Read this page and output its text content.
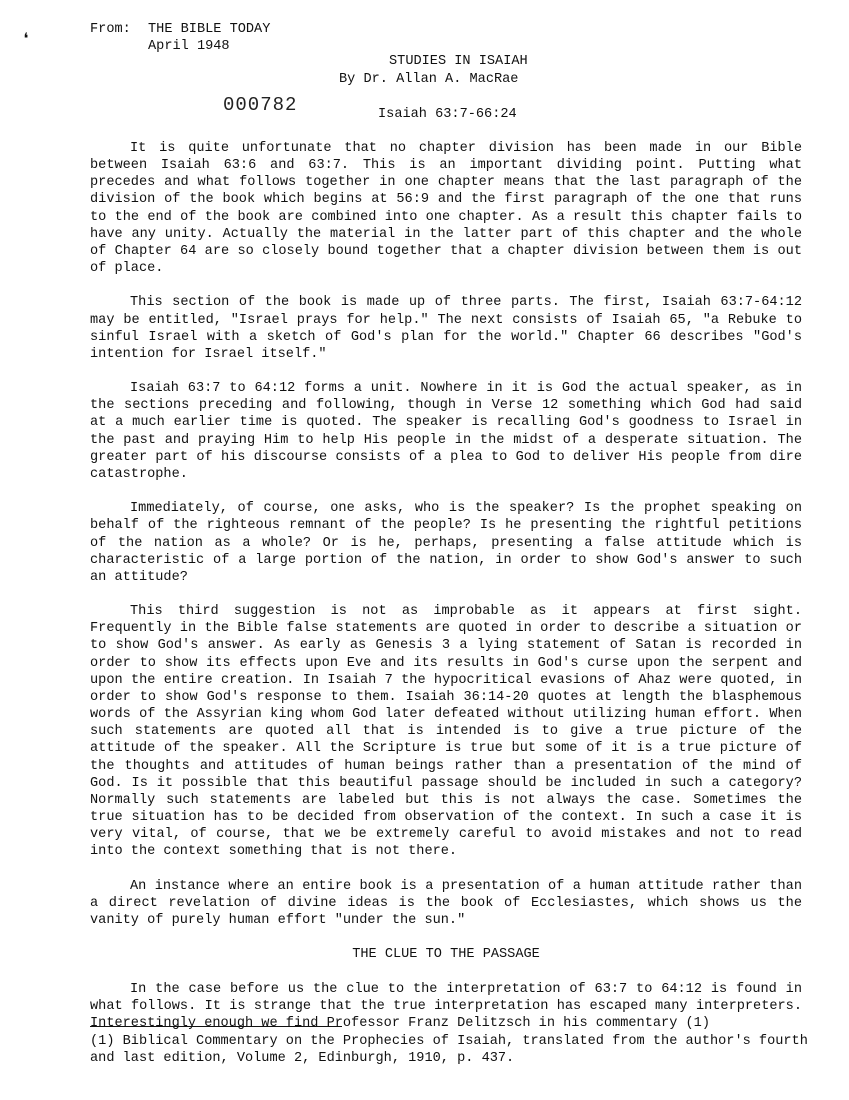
❛
From: THE BIBLE TODAY
April 1948
STUDIES IN ISAIAH
By Dr. Allan A. MacRae
000782	Isaiah 63:7-66:24

It is quite unfortunate that no chapter division has been made in our Bible between Isaiah 63:6 and 63:7. This is an important dividing point. Putting what precedes and what follows together in one chapter means that the last paragraph of the division of the book which begins at 56:9 and the first paragraph of the one that runs to the end of the book are combined into one chapter. As a result this chapter fails to have any unity. Actually the material in the latter part of this chapter and the whole of Chapter 64 are so closely bound together that a chapter division between them is out of place.

This section of the book is made up of three parts. The first, Isaiah 63:7-64:12 may be entitled, "Israel prays for help." The next consists of Isaiah 65, "a Rebuke to sinful Israel with a sketch of God's plan for the world." Chapter 66 describes "God's intention for Israel itself."

Isaiah 63:7 to 64:12 forms a unit. Nowhere in it is God the actual speaker, as in the sections preceding and following, though in Verse 12 something which God had said at a much earlier time is quoted. The speaker is recalling God's goodness to Israel in the past and praying Him to help His people in the midst of a desperate situation. The greater part of his discourse consists of a plea to God to deliver His people from dire catastrophe.

Immediately, of course, one asks, who is the speaker? Is the prophet speaking on behalf of the righteous remnant of the people? Is he presenting the rightful petitions of the nation as a whole? Or is he, perhaps, presenting a false attitude which is characteristic of a large portion of the nation, in order to show God's answer to such an attitude?

This third suggestion is not as improbable as it appears at first sight. Frequently in the Bible false statements are quoted in order to describe a situation or to show God's answer. As early as Genesis 3 a lying statement of Satan is recorded in order to show its effects upon Eve and its results in God's curse upon the serpent and upon the entire creation. In Isaiah 7 the hypocritical evasions of Ahaz were quoted, in order to show God's response to them. Isaiah 36:14-20 quotes at length the blasphemous words of the Assyrian king whom God later defeated without utilizing human effort. When such statements are quoted all that is intended is to give a true picture of the attitude of the speaker. All the Scripture is true but some of it is a true picture of the thoughts and attitudes of human beings rather than a presentation of the mind of God. Is it possible that this beautiful passage should be included in such a category? Normally such statements are labeled but this is not always the case. Sometimes the true situation has to be decided from observation of the context. In such a case it is very vital, of course, that we be extremely careful to avoid mistakes and not to read into the context something that is not there.

An instance where an entire book is a presentation of a human attitude rather than a direct revelation of divine ideas is the book of Ecclesiastes, which shows us the vanity of purely human effort "under the sun."

THE CLUE TO THE PASSAGE

In the case before us the clue to the interpretation of 63:7 to 64:12 is found in what follows. It is strange that the true interpretation has escaped many interpreters. Interestingly enough we find Professor Franz Delitzsch in his commentary (1)

(1) Biblical Commentary on the Prophecies of Isaiah, translated from the author's fourth and last edition, Volume 2, Edinburgh, 1910, p. 437.
